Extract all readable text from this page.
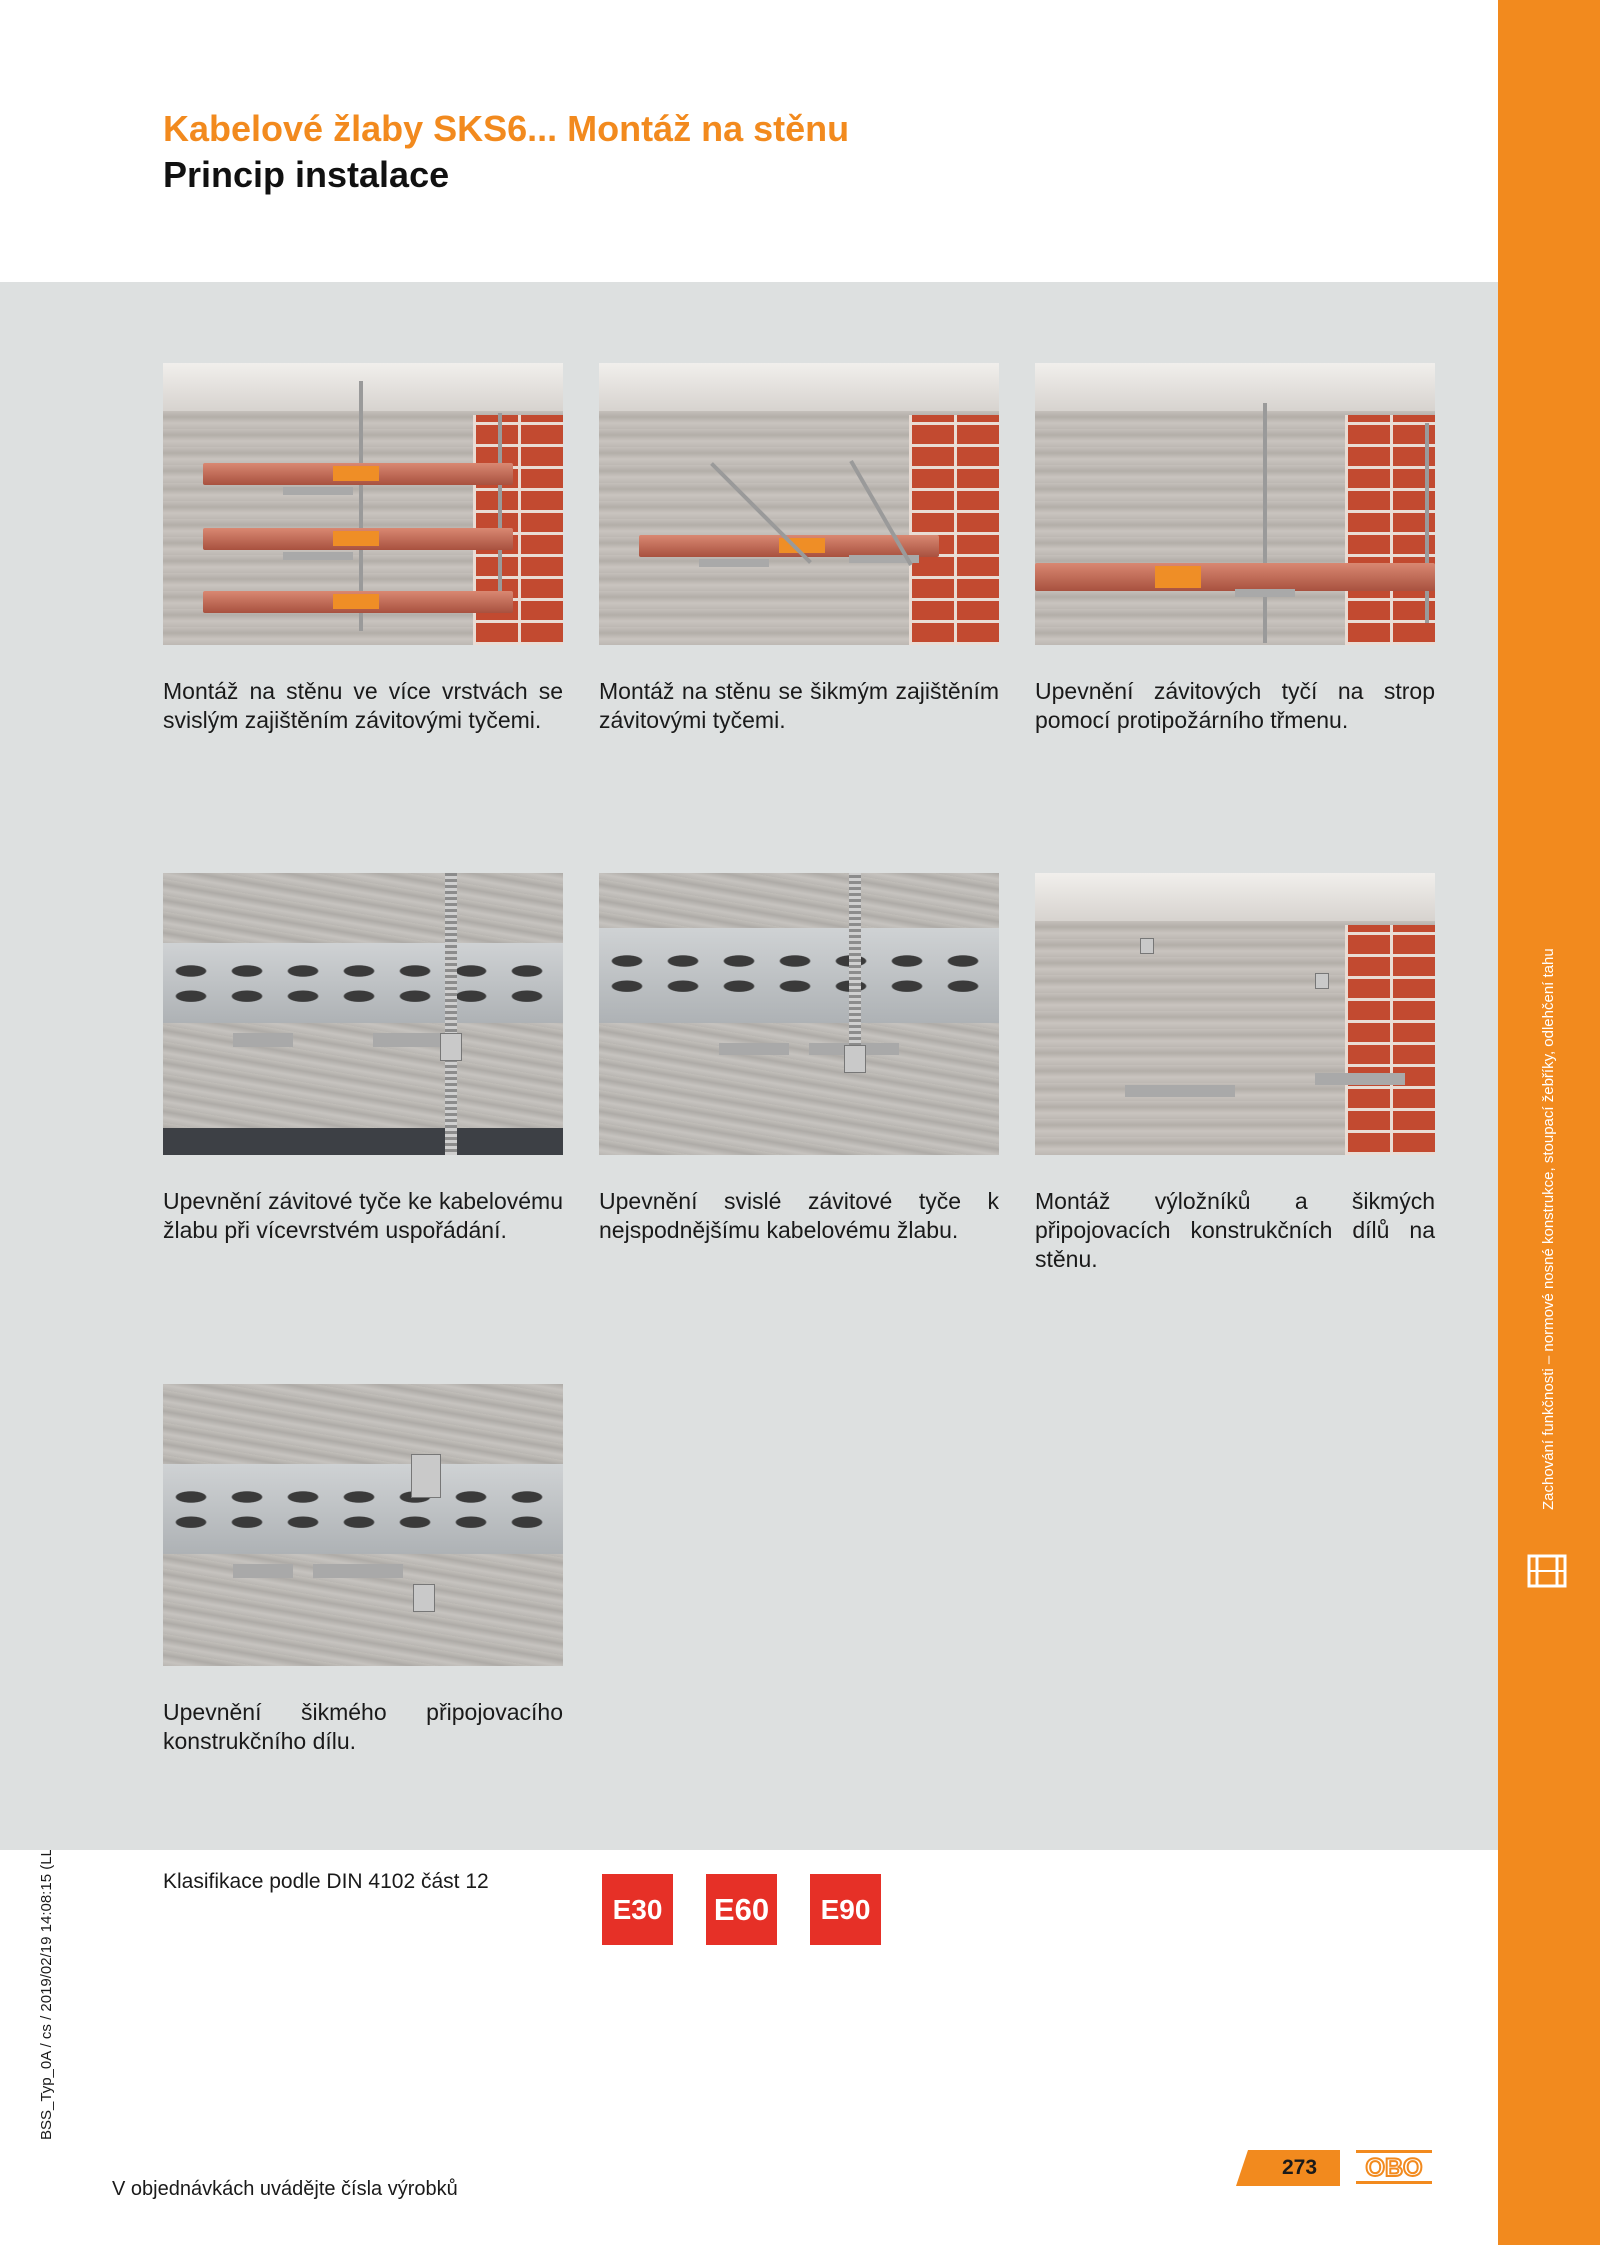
Zachování funkčnosti – normové nosné konstrukce, stoupací žebříky, odlehčení tahu
Kabelové žlaby SKS6... Montáž na stěnu
Princip instalace
Montáž na stěnu ve více vrstvách se svislým zajištěním závitovými tyčemi.
Montáž na stěnu se šikmým zajištěním závitovými tyčemi.
Upevnění závitových tyčí na strop pomocí protipožárního třmenu.
Upevnění závitové tyče ke kabelovému žlabu při vícevrstvém uspořádání.
Upevnění svislé závitové tyče k nejspodnějšímu kabelovému žlabu.
Montáž výložníků a šikmých připojovacích konstrukčních dílů na stěnu.
Upevnění šikmého připojovacího konstrukčního dílu.
Klasifikace podle DIN 4102 část 12
E30	E60	E90
V objednávkách uvádějte čísla výrobků
273 OBO
